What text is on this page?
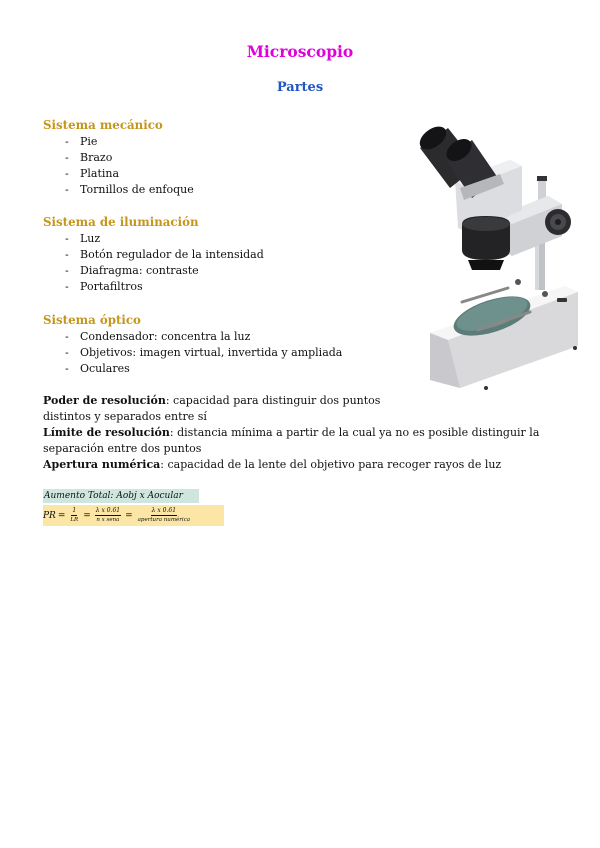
Microscopio
Partes
Sistema mecánico
- Pie
- Brazo
- Platina
- Tornillos de enfoque
Sistema de iluminación
- Luz
- Botón regulador de la intensidad
- Diafragma: contraste
- Portafiltros
Sistema óptico
- Condensador: concentra la luz
- Objetivos: imagen virtual, invertida y ampliada
- Oculares

Poder de resolución: capacidad para distinguir dos puntos

distintos y separados entre sí

Límite de resolución: distancia mínima a partir de la cual ya no es posible distinguir la

separación entre dos puntos

Apertura numérica: capacidad de la lente del objetivo para recoger rayos de luz

Aumento Total: Aobj x Aocular
PR = $\frac{1}{LR} = \frac{\text{λ x 0.61}}{\text{n x sena}} = \frac{\text{λ x 0.61}}{\text{apertura numérica}}$
